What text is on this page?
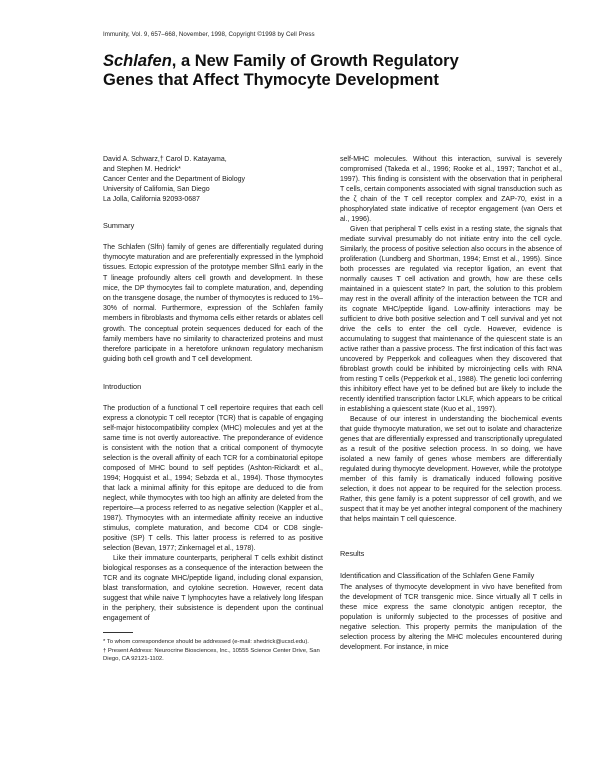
Immunity, Vol. 9, 657–668, November, 1998, Copyright ©1998 by Cell Press
Schlafen, a New Family of Growth Regulatory Genes that Affect Thymocyte Development

David A. Schwarz,† Carol D. Katayama,

and Stephen M. Hedrick*

Cancer Center and the Department of Biology

University of California, San Diego

La Jolla, California 92093-0687

Summary

The Schlafen (Slfn) family of genes are differentially regulated during thymocyte maturation and are preferentially expressed in the lymphoid tissues. Ectopic expression of the prototype member Slfn1 early in the T lineage profoundly alters cell growth and development. In these mice, the DP thymocytes fail to complete maturation, and, depending on the transgene dosage, the number of thymocytes is reduced to 1%–30% of normal. Furthermore, expression of the Schlafen family members in fibroblasts and thymoma cells either retards or ablates cell growth. The conceptual protein sequences deduced for each of the family members have no similarity to characterized proteins and must therefore participate in a heretofore unknown regulatory mechanism guiding both cell growth and T cell development.

Introduction

The production of a functional T cell repertoire requires that each cell express a clonotypic T cell receptor (TCR) that is capable of engaging self-major histocompatibility complex (MHC) molecules and yet at the same time is not overtly autoreactive. The preponderance of evidence is consistent with the notion that a critical component of thymocyte selection is the overall affinity of each TCR for a combinatorial epitope composed of MHC bound to self peptides (Ashton-Rickardt et al., 1994; Hogquist et al., 1994; Sebzda et al., 1994). Those thymocytes that lack a minimal affinity for this epitope are deduced to die from neglect, while thymocytes with too high an affinity are deleted from the repertoire—a process referred to as negative selection (Kappler et al., 1987). Thymocytes with an intermediate affinity receive an inductive stimulus, complete maturation, and become CD4 or CD8 single-positive (SP) T cells. This latter process is referred to as positive selection (Bevan, 1977; Zinkernagel et al., 1978).

Like their immature counterparts, peripheral T cells exhibit distinct biological responses as a consequence of the interaction between the TCR and its cognate MHC/peptide ligand, including clonal expansion, blast transformation, and cytokine secretion. However, recent data suggest that while naive T lymphocytes have a relatively long lifespan in the periphery, their subsistence is dependent upon the continual engagement of

* To whom correspondence should be addressed (e-mail: shedrick@ucsd.edu).

† Present Address: Neurocrine Biosciences, Inc., 10555 Science Center Drive, San Diego, CA 92121-1102.

self-MHC molecules. Without this interaction, survival is severely compromised (Takeda et al., 1996; Rooke et al., 1997; Tanchot et al., 1997). This finding is consistent with the observation that in peripheral T cells, certain components associated with signal transduction such as the ζ chain of the T cell receptor complex and ZAP-70, exist in a phosphorylated state indicative of receptor engagement (van Oers et al., 1996).

Given that peripheral T cells exist in a resting state, the signals that mediate survival presumably do not initiate entry into the cell cycle. Similarly, the process of positive selection also occurs in the absence of proliferation (Lundberg and Shortman, 1994; Ernst et al., 1995). Since both processes are regulated via receptor ligation, an event that normally causes T cell activation and growth, how are these cells maintained in a quiescent state? In part, the solution to this problem may rest in the overall affinity of the interaction between the TCR and its cognate MHC/peptide ligand. Low-affinity interactions may be sufficient to drive both positive selection and T cell survival and yet not drive the cells to enter the cell cycle. However, evidence is accumulating to suggest that maintenance of the quiescent state is an active rather than a passive process. The first indication of this fact was uncovered by Pepperkok and colleagues when they discovered that fibroblast growth could be inhibited by microinjecting cells with RNA from resting T cells (Pepperkok et al., 1988). The genetic loci conferring this inhibitory effect have yet to be defined but are likely to include the recently identified transcription factor LKLF, which appears to be critical in establishing a quiescent state (Kuo et al., 1997).

Because of our interest in understanding the biochemical events that guide thymocyte maturation, we set out to isolate and characterize genes that are differentially expressed and transcriptionally upregulated as a result of the positive selection process. In so doing, we have isolated a new family of genes whose members are differentially regulated during thymocyte development. However, while the prototype member of this family is dramatically induced following positive selection, it does not appear to be required for the selection process. Rather, this gene family is a potent suppressor of cell growth, and we suspect that it may be yet another integral component of the machinery that helps maintain T cell quiescence.

Results
Identification and Classification of the Schlafen Gene Family

The analyses of thymocyte development in vivo have benefited from the development of TCR transgenic mice. Since virtually all T cells in these mice express the same clonotypic antigen receptor, the population is uniformly subjected to the processes of positive and negative selection. This property permits the manipulation of the selection process by altering the MHC molecules encountered during development. For instance, in mice
